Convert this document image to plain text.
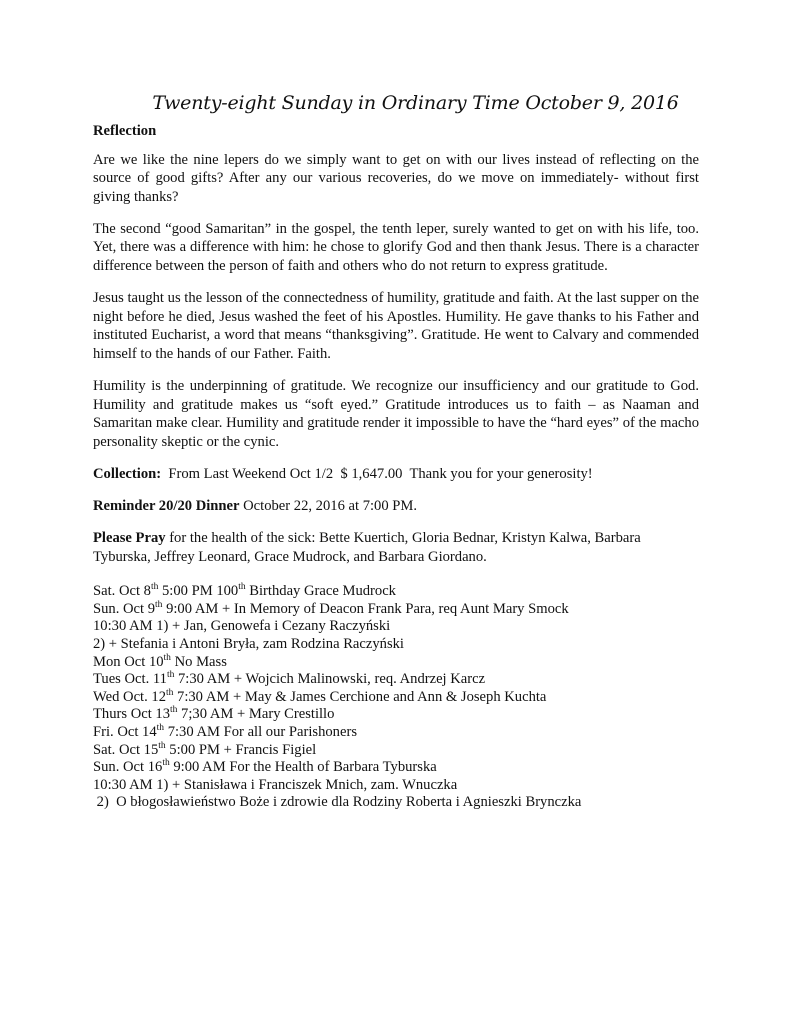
Twenty-eight Sunday in Ordinary Time October 9, 2016

Reflection

Are we like the nine lepers do we simply want to get on with our lives instead of reflecting on the source of good gifts? After any our various recoveries, do we move on immediately- without first giving thanks?

The second “good Samaritan” in the gospel, the tenth leper, surely wanted to get on with his life, too. Yet, there was a difference with him: he chose to glorify God and then thank Jesus. There is a character difference between the person of faith and others who do not return to express gratitude.

Jesus taught us the lesson of the connectedness of humility, gratitude and faith. At the last supper on the night before he died, Jesus washed the feet of his Apostles. Humility. He gave thanks to his Father and instituted Eucharist, a word that means “thanksgiving”. Gratitude. He went to Calvary and commended himself to the hands of our Father. Faith.

Humility is the underpinning of gratitude. We recognize our insufficiency and our gratitude to God. Humility and gratitude makes us “soft eyed.” Gratitude introduces us to faith – as Naaman and Samaritan make clear. Humility and gratitude render it impossible to have the “hard eyes” of the macho personality skeptic or the cynic.

Collection:  From Last Weekend Oct 1/2  $ 1,647.00  Thank you for your generosity!

Reminder 20/20 Dinner October 22, 2016 at 7:00 PM.

Please Pray for the health of the sick: Bette Kuertich, Gloria Bednar, Kristyn Kalwa, Barbara Tyburska, Jeffrey Leonard, Grace Mudrock, and Barbara Giordano.

Sat. Oct 8th 5:00 PM 100th Birthday Grace Mudrock
Sun. Oct 9th 9:00 AM + In Memory of Deacon Frank Para, req Aunt Mary Smock
10:30 AM 1) + Jan, Genowefa i Cezany Raczyński
2) + Stefania i Antoni Bryła, zam Rodzina Raczyński
Mon Oct 10th No Mass
Tues Oct. 11th 7:30 AM + Wojcich Malinowski, req. Andrzej Karcz
Wed Oct. 12th 7:30 AM + May & James Cerchione and Ann & Joseph Kuchta
Thurs Oct 13th 7;30 AM + Mary Crestillo
Fri. Oct 14th 7:30 AM For all our Parishoners
Sat. Oct 15th 5:00 PM + Francis Figiel
Sun. Oct 16th 9:00 AM For the Health of Barbara Tyburska
10:30 AM 1) + Stanisława i Franciszek Mnich, zam. Wnuczka
2)  O błogosławieństwo Boże i zdrowie dla Rodziny Roberta i Agnieszki Brynczka
